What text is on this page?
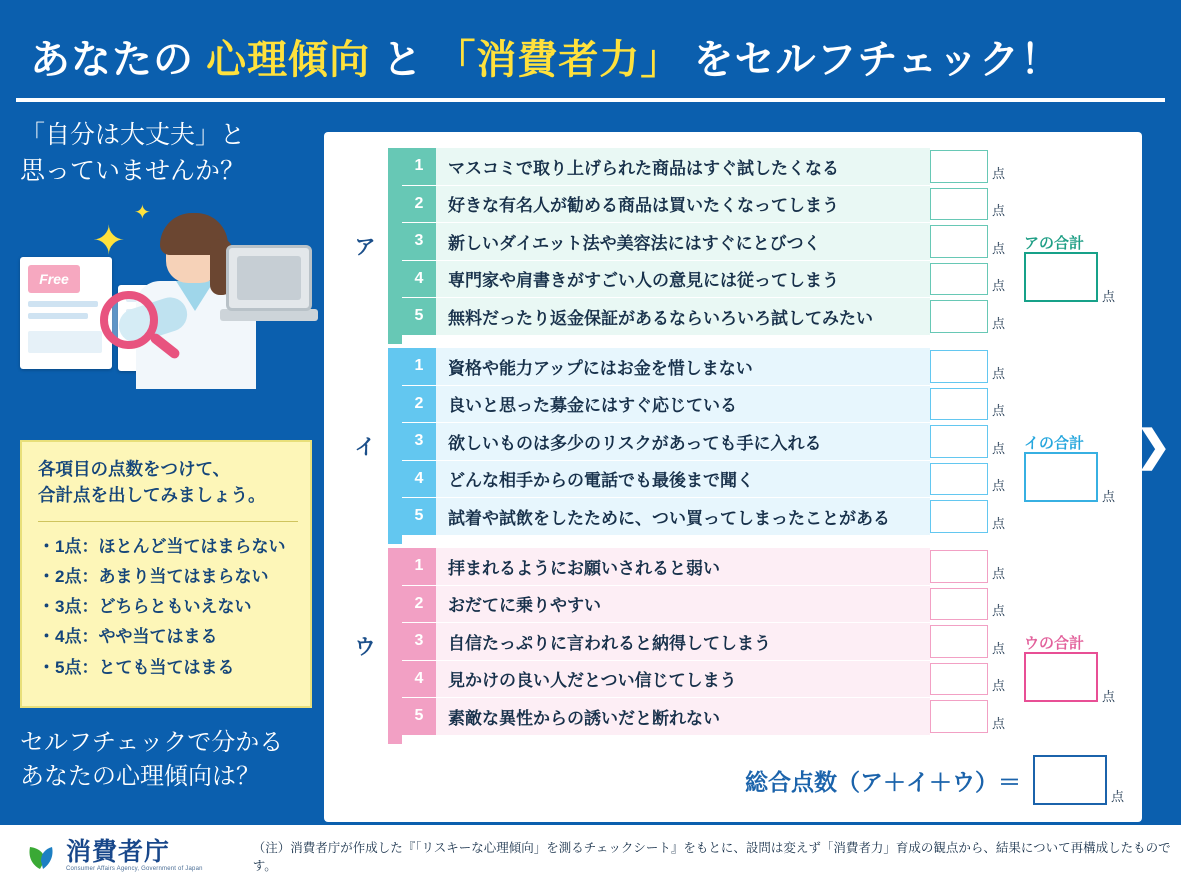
あなたの 心理傾向 と 「消費者力」 をセルフチェック！
「自分は大丈夫」と
思っていませんか？
Free
✦
✦
各項目の点数をつけて、
合計点を出してみましょう。
・1点：ほとんど当てはまらない
・2点：あまり当てはまらない
・3点：どちらともいえない
・4点：やや当てはまる
・5点：とても当てはまる
セルフチェックで分かる
あなたの心理傾向は？
ア
1	マスコミで取り上げられた商品はすぐ試したくなる	点
2	好きな有名人が勧める商品は買いたくなってしまう	点
3	新しいダイエット法や美容法にはすぐにとびつく	点
4	専門家や肩書きがすごい人の意見には従ってしまう	点
5	無料だったり返金保証があるならいろいろ試してみたい	点
アの合計
点
イ
1	資格や能力アップにはお金を惜しまない	点
2	良いと思った募金にはすぐ応じている	点
3	欲しいものは多少のリスクがあっても手に入れる	点
4	どんな相手からの電話でも最後まで聞く	点
5	試着や試飲をしたために、つい買ってしまったことがある	点
イの合計
点
ウ
1	拝まれるようにお願いされると弱い	点
2	おだてに乗りやすい	点
3	自信たっぷりに言われると納得してしまう	点
4	見かけの良い人だとつい信じてしまう	点
5	素敵な異性からの誘いだと断れない	点
ウの合計
点
総合点数（ア＋イ＋ウ）＝
点
❯
消費者庁
Consumer Affairs Agency, Government of Japan
（注）消費者庁が作成した『「リスキーな心理傾向」を測るチェックシート』をもとに、設問は変えず「消費者力」育成の観点から、結果について再構成したものです。
